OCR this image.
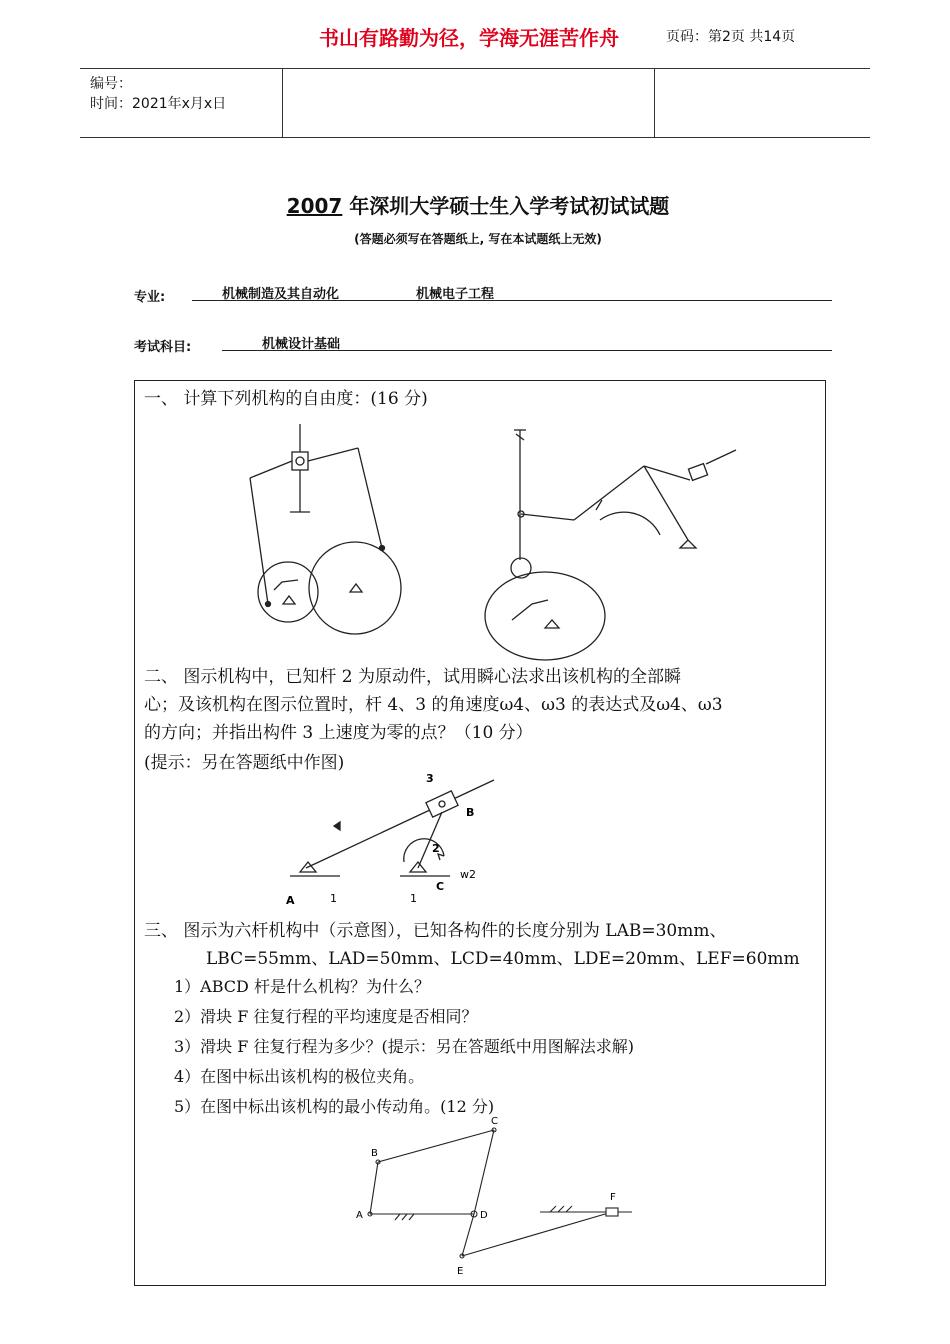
编号：
时间：2021年x月x日
书山有路勤为径，学海无涯苦作舟	页码：第2页 共14页
2007 年深圳大学硕士生入学考试初试试题
(答题必须写在答题纸上, 写在本试题纸上无效)
专业:	机械制造及其自动化	机械电子工程
考试科目:	机械设计基础
一、 计算下列机构的自由度：(16 分)
二、 图示机构中，已知杆 2 为原动件，试用瞬心法求出该机构的全部瞬
心；及该机构在图示位置时，杆 4、3 的角速度ω4、ω3 的表达式及ω4、ω3
的方向；并指出构件 3 上速度为零的点？（10 分）
(提示：另在答题纸中作图)
3
B
2
w2
A	1	1
C
三、 图示为六杆机构中（示意图），已知各构件的长度分别为 LAB=30mm、
LBC=55mm、LAD=50mm、LCD=40mm、LDE=20mm、LEF=60mm
1）ABCD 杆是什么机构？为什么？
2）滑块 F 往复行程的平均速度是否相同？
3）滑块 F 往复行程为多少？(提示：另在答题纸中用图解法求解)
4）在图中标出该机构的极位夹角。
5）在图中标出该机构的最小传动角。(12 分)
A
B
C
D
E
F
